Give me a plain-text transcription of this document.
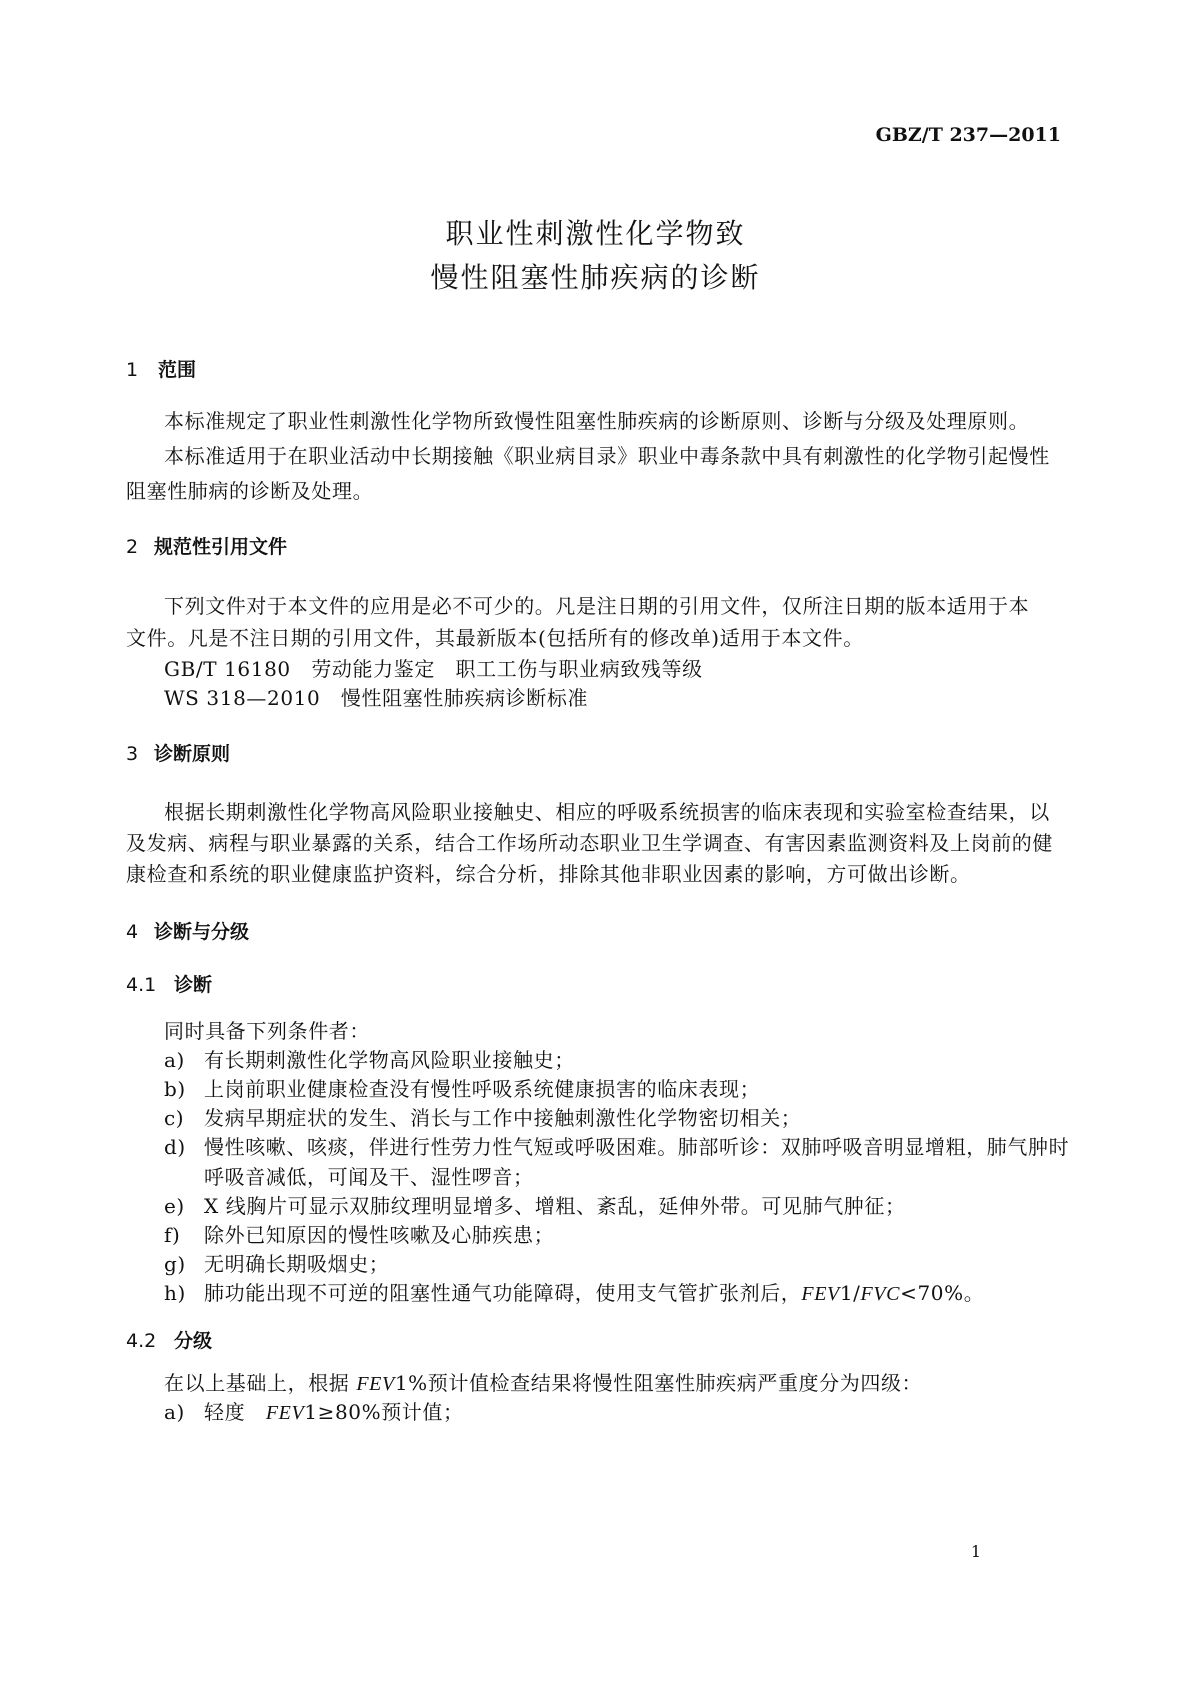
GBZ/T 237—2011
职业性刺激性化学物致
慢性阻塞性肺疾病的诊断
1 范围
本标准规定了职业性刺激性化学物所致慢性阻塞性肺疾病的诊断原则、诊断与分级及处理原则。
本标准适用于在职业活动中长期接触《职业病目录》职业中毒条款中具有刺激性的化学物引起慢性
阻塞性肺病的诊断及处理。
2 规范性引用文件
下列文件对于本文件的应用是必不可少的。凡是注日期的引用文件，仅所注日期的版本适用于本
文件。凡是不注日期的引用文件，其最新版本(包括所有的修改单)适用于本文件。
GB/T 16180　劳动能力鉴定　职工工伤与职业病致残等级
WS 318—2010　慢性阻塞性肺疾病诊断标准
3 诊断原则
根据长期刺激性化学物高风险职业接触史、相应的呼吸系统损害的临床表现和实验室检查结果，以
及发病、病程与职业暴露的关系，结合工作场所动态职业卫生学调查、有害因素监测资料及上岗前的健
康检查和系统的职业健康监护资料，综合分析，排除其他非职业因素的影响，方可做出诊断。
4 诊断与分级
4.1 诊断
同时具备下列条件者：
a) 有长期刺激性化学物高风险职业接触史；
b) 上岗前职业健康检查没有慢性呼吸系统健康损害的临床表现；
c) 发病早期症状的发生、消长与工作中接触刺激性化学物密切相关；
d) 慢性咳嗽、咳痰，伴进行性劳力性气短或呼吸困难。肺部听诊：双肺呼吸音明显增粗，肺气肿时
呼吸音减低，可闻及干、湿性啰音；
e) X 线胸片可显示双肺纹理明显增多、增粗、紊乱，延伸外带。可见肺气肿征；
f) 除外已知原因的慢性咳嗽及心肺疾患；
g) 无明确长期吸烟史；
h) 肺功能出现不可逆的阻塞性通气功能障碍，使用支气管扩张剂后，FEV1/FVC<70%。
4.2 分级
在以上基础上，根据 FEV1%预计值检查结果将慢性阻塞性肺疾病严重度分为四级：
a) 轻度　FEV1≥80%预计值；
1
